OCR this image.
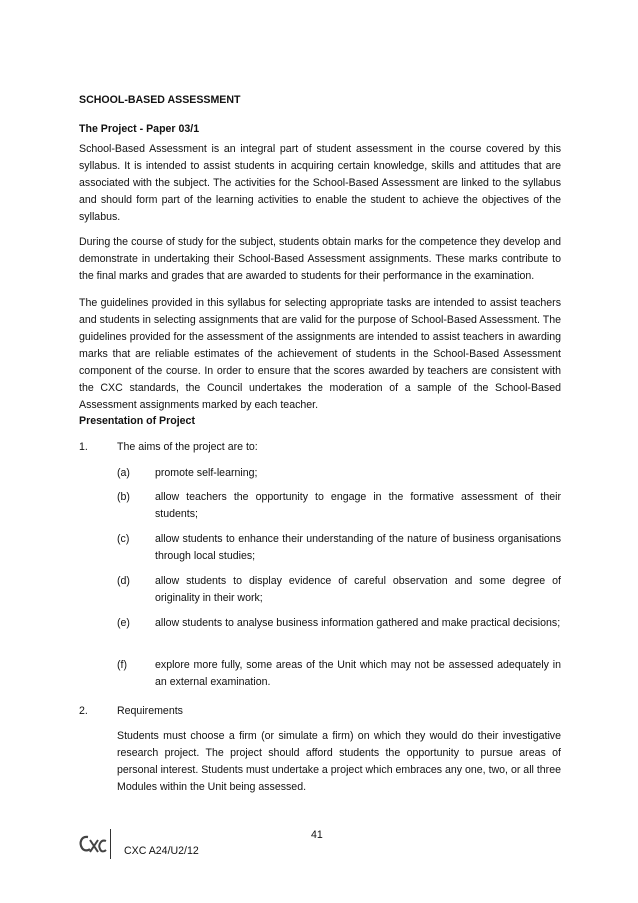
SCHOOL-BASED ASSESSMENT

The Project - Paper 03/1

School-Based Assessment is an integral part of student assessment in the course covered by this syllabus. It is intended to assist students in acquiring certain knowledge, skills and attitudes that are associated with the subject. The activities for the School-Based Assessment are linked to the syllabus and should form part of the learning activities to enable the student to achieve the objectives of the syllabus.

During the course of study for the subject, students obtain marks for the competence they develop and demonstrate in undertaking their School-Based Assessment assignments. These marks contribute to the final marks and grades that are awarded to students for their performance in the examination.

The guidelines provided in this syllabus for selecting appropriate tasks are intended to assist teachers and students in selecting assignments that are valid for the purpose of School-Based Assessment. The guidelines provided for the assessment of the assignments are intended to assist teachers in awarding marks that are reliable estimates of the achievement of students in the School-Based Assessment component of the course. In order to ensure that the scores awarded by teachers are consistent with the CXC standards, the Council undertakes the moderation of a sample of the School-Based Assessment assignments marked by each teacher.

Presentation of Project

1.	The aims of the project are to:
(a) promote self-learning;
(b) allow teachers the opportunity to engage in the formative assessment of their students;
(c) allow students to enhance their understanding of the nature of business organisations through local studies;
(d) allow students to display evidence of careful observation and some degree of originality in their work;
(e) allow students to analyse business information gathered and make practical decisions;
(f)	explore more fully, some areas of the Unit which may not be assessed adequately in an external examination.
2.	Requirements

Students must choose a firm (or simulate a firm) on which they would do their investigative research project. The project should afford students the opportunity to pursue areas of personal interest. Students must undertake a project which embraces any one, two, or all three Modules within the Unit being assessed.

41
CXC A24/U2/12
